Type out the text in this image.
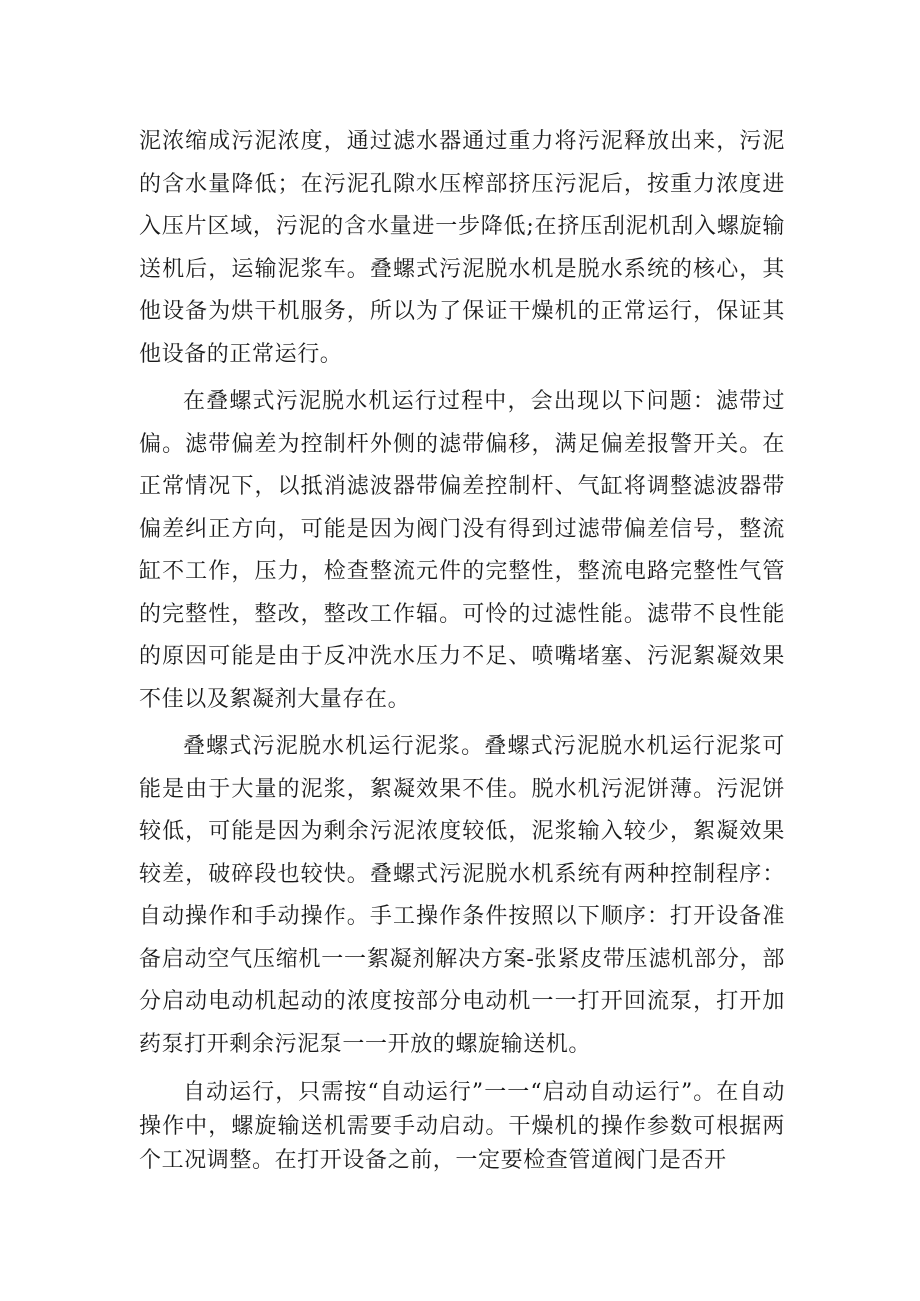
泥浓缩成污泥浓度，通过滤水器通过重力将污泥释放出来，污泥的含水量降低；在污泥孔隙水压榨部挤压污泥后，按重力浓度进入压片区域，污泥的含水量进一步降低;在挤压刮泥机刮入螺旋输送机后，运输泥浆车。叠螺式污泥脱水机是脱水系统的核心，其他设备为烘干机服务，所以为了保证干燥机的正常运行，保证其他设备的正常运行。

在叠螺式污泥脱水机运行过程中，会出现以下问题：滤带过偏。滤带偏差为控制杆外侧的滤带偏移，满足偏差报警开关。在正常情况下，以抵消滤波器带偏差控制杆、气缸将调整滤波器带偏差纠正方向，可能是因为阀门没有得到过滤带偏差信号，整流缸不工作，压力，检查整流元件的完整性，整流电路完整性气管的完整性，整改，整改工作辐。可怜的过滤性能。滤带不良性能的原因可能是由于反冲洗水压力不足、喷嘴堵塞、污泥絮凝效果不佳以及絮凝剂大量存在。

叠螺式污泥脱水机运行泥浆。叠螺式污泥脱水机运行泥浆可能是由于大量的泥浆，絮凝效果不佳。脱水机污泥饼薄。污泥饼较低，可能是因为剩余污泥浓度较低，泥浆输入较少，絮凝效果较差，破碎段也较快。叠螺式污泥脱水机系统有两种控制程序：自动操作和手动操作。手工操作条件按照以下顺序：打开设备准备启动空气压缩机一一絮凝剂解决方案-张紧皮带压滤机部分，部分启动电动机起动的浓度按部分电动机一一打开回流泵，打开加药泵打开剩余污泥泵一一开放的螺旋输送机。

自动运行，只需按“自动运行”一一“启动自动运行”。在自动操作中，螺旋输送机需要手动启动。干燥机的操作参数可根据两个工况调整。在打开设备之前，一定要检查管道阀门是否开
